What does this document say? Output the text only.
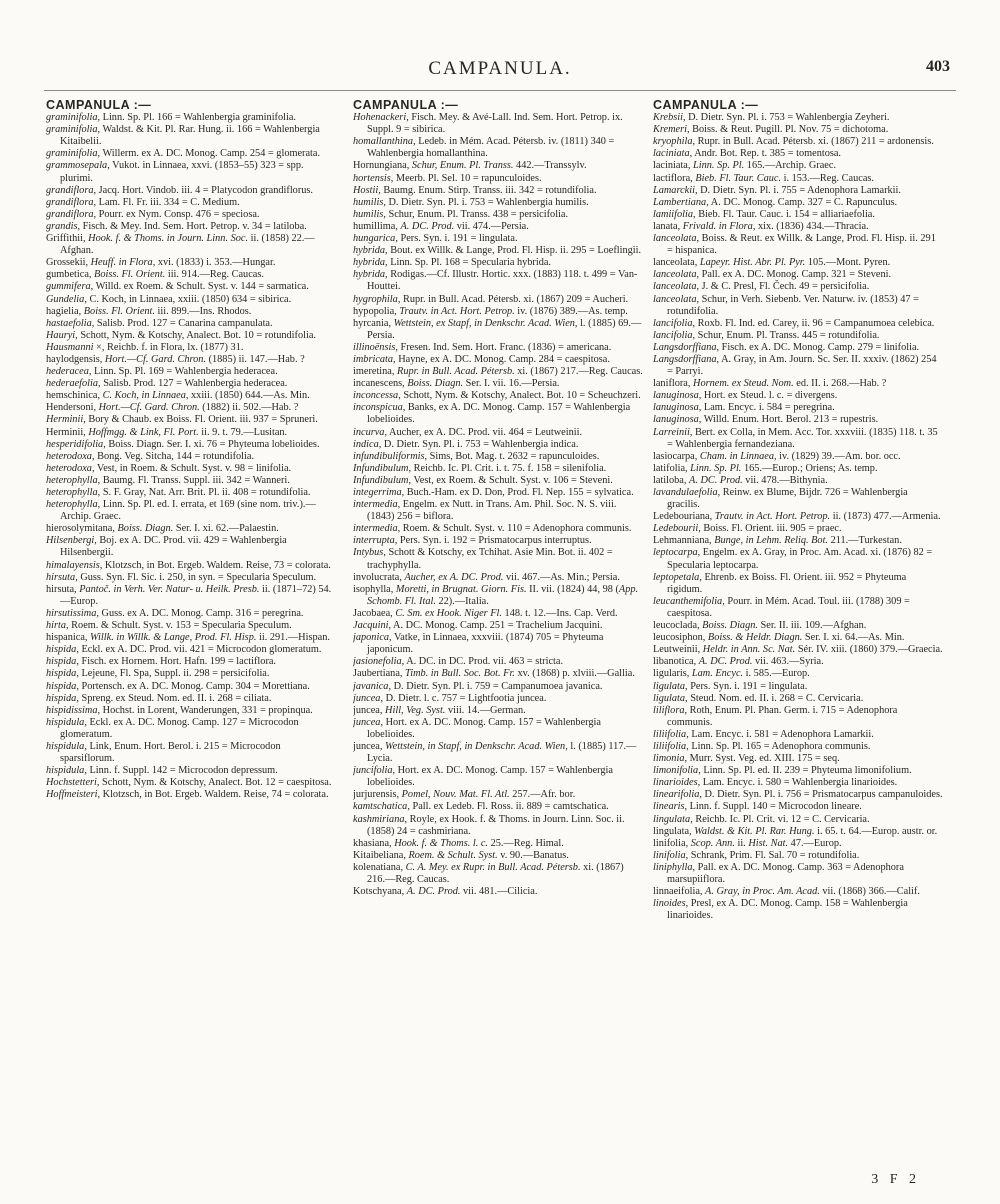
CAMPANULA.	403
CAMPANULA :—

graminifolia, Linn. Sp. Pl. 166 = Wahlenbergia graminifolia.

graminifolia, Waldst. & Kit. Pl. Rar. Hung. ii. 166 = Wahlenbergia Kitaibelii.

graminifolia, Willerm. ex A. DC. Monog. Camp. 254 = glomerata.

grammosepala, Vukot. in Linnaea, xxvi. (1853–55) 323 = spp. plurimi.

grandiflora, Jacq. Hort. Vindob. iii. 4 = Platycodon grandiflorus.

grandiflora, Lam. Fl. Fr. iii. 334 = C. Medium.

grandiflora, Pourr. ex Nym. Consp. 476 = speciosa.

grandis, Fisch. & Mey. Ind. Sem. Hort. Petrop. v. 34 = latiloba.

Griffithii, Hook. f. & Thoms. in Journ. Linn. Soc. ii. (1858) 22.—Afghan.

Grossekii, Heuff. in Flora, xvi. (1833) i. 353.—Hungar.

gumbetica, Boiss. Fl. Orient. iii. 914.—Reg. Caucas.

gummifera, Willd. ex Roem. & Schult. Syst. v. 144 = sarmatica.

Gundelia, C. Koch, in Linnaea, xxiii. (1850) 634 = sibirica.

hagielia, Boiss. Fl. Orient. iii. 899.—Ins. Rhodos.

hastaefolia, Salisb. Prod. 127 = Canarina campanulata.

Hauryi, Schott, Nym. & Kotschy, Analect. Bot. 10 = rotundifolia.

Hausmanni ×, Reichb. f. in Flora, lx. (1877) 31.

haylodgensis, Hort.—Cf. Gard. Chron. (1885) ii. 147.—Hab. ?

hederacea, Linn. Sp. Pl. 169 = Wahlenbergia hederacea.

hederaefolia, Salisb. Prod. 127 = Wahlenbergia hederacea.

hemschinica, C. Koch, in Linnaea, xxiii. (1850) 644.—As. Min.

Hendersoni, Hort.—Cf. Gard. Chron. (1882) ii. 502.—Hab. ?

Herminii, Bory & Chaub. ex Boiss. Fl. Orient. iii. 937 = Spruneri.

Herminii, Hoffmgg. & Link, Fl. Port. ii. 9. t. 79.—Lusitan.

hesperidifolia, Boiss. Diagn. Ser. I. xi. 76 = Phyteuma lobelioides.

heterodoxa, Bong. Veg. Sitcha, 144 = rotundifolia.

heterodoxa, Vest, in Roem. & Schult. Syst. v. 98 = linifolia.

heterophylla, Baumg. Fl. Transs. Suppl. iii. 342 = Wanneri.

heterophylla, S. F. Gray, Nat. Arr. Brit. Pl. ii. 408 = rotundifolia.

heterophylla, Linn. Sp. Pl. ed. I. errata, et 169 (sine nom. triv.).—Archip. Graec.

hierosolymitana, Boiss. Diagn. Ser. I. xi. 62.—Palaestin.

Hilsenbergi, Boj. ex A. DC. Prod. vii. 429 = Wahlenbergia Hilsenbergii.

himalayensis, Klotzsch, in Bot. Ergeb. Waldem. Reise, 73 = colorata.

hirsuta, Guss. Syn. Fl. Sic. i. 250, in syn. = Specularia Speculum.

hirsuta, Pantoč. in Verh. Ver. Natur- u. Heilk. Presb. ii. (1871–72) 54.—Europ.

hirsutissima, Guss. ex A. DC. Monog. Camp. 316 = peregrina.

hirta, Roem. & Schult. Syst. v. 153 = Specularia Speculum.

hispanica, Willk. in Willk. & Lange, Prod. Fl. Hisp. ii. 291.—Hispan.

hispida, Eckl. ex A. DC. Prod. vii. 421 = Microcodon glomeratum.

hispida, Fisch. ex Hornem. Hort. Hafn. 199 = lactiflora.

hispida, Lejeune, Fl. Spa, Suppl. ii. 298 = persicifolia.

hispida, Portensch. ex A. DC. Monog. Camp. 304 = Morettiana.

hispida, Spreng. ex Steud. Nom. ed. II. i. 268 = ciliata.

hispidissima, Hochst. in Lorent, Wanderungen, 331 = propinqua.

hispidula, Eckl. ex A. DC. Monog. Camp. 127 = Microcodon glomeratum.

hispidula, Link, Enum. Hort. Berol. i. 215 = Microcodon sparsiflorum.

hispidula, Linn. f. Suppl. 142 = Microcodon depressum.

Hochstetteri, Schott, Nym. & Kotschy, Analect. Bot. 12 = caespitosa.

Hoffmeisteri, Klotzsch, in Bot. Ergeb. Waldem. Reise, 74 = colorata.

CAMPANULA :—

Hohenackeri, Fisch. Mey. & Avé-Lall. Ind. Sem. Hort. Petrop. ix. Suppl. 9 = sibirica.

homallanthina, Ledeb. in Mém. Acad. Pétersb. iv. (1811) 340 = Wahlenbergia homallanthina.

Hornungiana, Schur, Enum. Pl. Transs. 442.—Transsylv.

hortensis, Meerb. Pl. Sel. 10 = rapunculoides.

Hostii, Baumg. Enum. Stirp. Transs. iii. 342 = rotundifolia.

humilis, D. Dietr. Syn. Pl. i. 753 = Wahlenbergia humilis.

humilis, Schur, Enum. Pl. Transs. 438 = persicifolia.

humillima, A. DC. Prod. vii. 474.—Persia.

hungarica, Pers. Syn. i. 191 = lingulata.

hybrida, Bout. ex Willk. & Lange, Prod. Fl. Hisp. ii. 295 = Loeflingii.

hybrida, Linn. Sp. Pl. 168 = Specularia hybrida.

hybrida, Rodigas.—Cf. Illustr. Hortic. xxx. (1883) 118. t. 499 = Van-Houttei.

hygrophila, Rupr. in Bull. Acad. Pétersb. xi. (1867) 209 = Aucheri.

hypopolia, Trautv. in Act. Hort. Petrop. iv. (1876) 389.—As. temp.

hyrcania, Wettstein, ex Stapf, in Denkschr. Acad. Wien, l. (1885) 69.—Persia.

illinoënsis, Fresen. Ind. Sem. Hort. Franc. (1836) = americana.

imbricata, Hayne, ex A. DC. Monog. Camp. 284 = caespitosa.

imeretina, Rupr. in Bull. Acad. Pétersb. xi. (1867) 217.—Reg. Caucas.

incanescens, Boiss. Diagn. Ser. I. vii. 16.—Persia.

inconcessa, Schott, Nym. & Kotschy, Analect. Bot. 10 = Scheuchzeri.

inconspicua, Banks, ex A. DC. Monog. Camp. 157 = Wahlenbergia lobelioides.

incurva, Aucher, ex A. DC. Prod. vii. 464 = Leutweinii.

indica, D. Dietr. Syn. Pl. i. 753 = Wahlenbergia indica.

infundibuliformis, Sims, Bot. Mag. t. 2632 = rapunculoides.

Infundibulum, Reichb. Ic. Pl. Crit. i. t. 75. f. 158 = silenifolia.

Infundibulum, Vest, ex Roem. & Schult. Syst. v. 106 = Steveni.

integerrima, Buch.-Ham. ex D. Don, Prod. Fl. Nep. 155 = sylvatica.

intermedia, Engelm. ex Nutt. in Trans. Am. Phil. Soc. N. S. viii. (1843) 256 = biflora.

intermedia, Roem. & Schult. Syst. v. 110 = Adenophora communis.

interrupta, Pers. Syn. i. 192 = Prismatocarpus interruptus.

Intybus, Schott & Kotschy, ex Tchihat. Asie Min. Bot. ii. 402 = trachyphylla.

involucrata, Aucher, ex A. DC. Prod. vii. 467.—As. Min.; Persia.

isophylla, Moretti, in Brugnat. Giorn. Fis. II. vii. (1824) 44, 98 (App. Schomb. Fl. Ital. 22).—Italia.

Jacobaea, C. Sm. ex Hook. Niger Fl. 148. t. 12.—Ins. Cap. Verd.

Jacquini, A. DC. Monog. Camp. 251 = Trachelium Jacquini.

japonica, Vatke, in Linnaea, xxxviii. (1874) 705 = Phyteuma japonicum.

jasionefolia, A. DC. in DC. Prod. vii. 463 = stricta.

Jaubertiana, Timb. in Bull. Soc. Bot. Fr. xv. (1868) p. xlviii.—Gallia.

javanica, D. Dietr. Syn. Pl. i. 759 = Campanumoea javanica.

juncea, D. Dietr. l. c. 757 = Lightfootia juncea.

juncea, Hill, Veg. Syst. viii. 14.—German.

juncea, Hort. ex A. DC. Monog. Camp. 157 = Wahlenbergia lobelioides.

juncea, Wettstein, in Stapf, in Denkschr. Acad. Wien, l. (1885) 117.—Lycia.

juncifolia, Hort. ex A. DC. Monog. Camp. 157 = Wahlenbergia lobelioides.

jurjurensis, Pomel, Nouv. Mat. Fl. Atl. 257.—Afr. bor.

kamtschatica, Pall. ex Ledeb. Fl. Ross. ii. 889 = camtschatica.

kashmiriana, Royle, ex Hook. f. & Thoms. in Journ. Linn. Soc. ii. (1858) 24 = cashmiriana.

khasiana, Hook. f. & Thoms. l. c. 25.—Reg. Himal.

Kitaibeliana, Roem. & Schult. Syst. v. 90.—Banatus.

kolenatiana, C. A. Mey. ex Rupr. in Bull. Acad. Pétersb. xi. (1867) 216.—Reg. Caucas.

Kotschyana, A. DC. Prod. vii. 481.—Cilicia.

CAMPANULA :—

Krebsii, D. Dietr. Syn. Pl. i. 753 = Wahlenbergia Zeyheri.

Kremeri, Boiss. & Reut. Pugill. Pl. Nov. 75 = dichotoma.

kryophila, Rupr. in Bull. Acad. Pétersb. xi. (1867) 211 = ardonensis.

laciniata, Andr. Bot. Rep. t. 385 = tomentosa.

laciniata, Linn. Sp. Pl. 165.—Archip. Graec.

lactiflora, Bieb. Fl. Taur. Cauc. i. 153.—Reg. Caucas.

Lamarckii, D. Dietr. Syn. Pl. i. 755 = Adenophora Lamarkii.

Lambertiana, A. DC. Monog. Camp. 327 = C. Rapunculus.

lamiifolia, Bieb. Fl. Taur. Cauc. i. 154 = alliariaefolia.

lanata, Frivald. in Flora, xix. (1836) 434.—Thracia.

lanceolata, Boiss. & Reut. ex Willk. & Lange, Prod. Fl. Hisp. ii. 291 = hispanica.

lanceolata, Lapeyr. Hist. Abr. Pl. Pyr. 105.—Mont. Pyren.

lanceolata, Pall. ex A. DC. Monog. Camp. 321 = Steveni.

lanceolata, J. & C. Presl, Fl. Čech. 49 = persicifolia.

lanceolata, Schur, in Verh. Siebenb. Ver. Naturw. iv. (1853) 47 = rotundifolia.

lancifolia, Roxb. Fl. Ind. ed. Carey, ii. 96 = Campanumoea celebica.

lancifolia, Schur, Enum. Pl. Transs. 445 = rotundifolia.

Langsdorffiana, Fisch. ex A. DC. Monog. Camp. 279 = linifolia.

Langsdorffiana, A. Gray, in Am. Journ. Sc. Ser. II. xxxiv. (1862) 254 = Parryi.

laniflora, Hornem. ex Steud. Nom. ed. II. i. 268.—Hab. ?

lanuginosa, Hort. ex Steud. l. c. = divergens.

lanuginosa, Lam. Encyc. i. 584 = peregrina.

lanuginosa, Willd. Enum. Hort. Berol. 213 = rupestris.

Larreinii, Bert. ex Colla, in Mem. Acc. Tor. xxxviii. (1835) 118. t. 35 = Wahlenbergia fernandeziana.

lasiocarpa, Cham. in Linnaea, iv. (1829) 39.—Am. bor. occ.

latifolia, Linn. Sp. Pl. 165.—Europ.; Oriens; As. temp.

latiloba, A. DC. Prod. vii. 478.—Bithynia.

lavandulaefolia, Reinw. ex Blume, Bijdr. 726 = Wahlenbergia gracilis.

Ledebouriana, Trautv. in Act. Hort. Petrop. ii. (1873) 477.—Armenia.

Ledebourii, Boiss. Fl. Orient. iii. 905 = praec.

Lehmanniana, Bunge, in Lehm. Reliq. Bot. 211.—Turkestan.

leptocarpa, Engelm. ex A. Gray, in Proc. Am. Acad. xi. (1876) 82 = Specularia leptocarpa.

leptopetala, Ehrenb. ex Boiss. Fl. Orient. iii. 952 = Phyteuma rigidum.

leucanthemifolia, Pourr. in Mém. Acad. Toul. iii. (1788) 309 = caespitosa.

leucoclada, Boiss. Diagn. Ser. II. iii. 109.—Afghan.

leucosiphon, Boiss. & Heldr. Diagn. Ser. I. xi. 64.—As. Min.

Leutweinii, Heldr. in Ann. Sc. Nat. Sér. IV. xiii. (1860) 379.—Graecia.

libanotica, A. DC. Prod. vii. 463.—Syria.

ligularis, Lam. Encyc. i. 585.—Europ.

ligulata, Pers. Syn. i. 191 = lingulata.

ligulata, Steud. Nom. ed. II. i. 268 = C. Cervicaria.

liliflora, Roth, Enum. Pl. Phan. Germ. i. 715 = Adenophora communis.

liliifolia, Lam. Encyc. i. 581 = Adenophora Lamarkii.

liliifolia, Linn. Sp. Pl. 165 = Adenophora communis.

limonia, Murr. Syst. Veg. ed. XIII. 175 = seq.

limonifolia, Linn. Sp. Pl. ed. II. 239 = Phyteuma limonifolium.

linarioides, Lam. Encyc. i. 580 = Wahlenbergia linarioides.

linearifolia, D. Dietr. Syn. Pl. i. 756 = Prismatocarpus campanuloides.

linearis, Linn. f. Suppl. 140 = Microcodon lineare.

lingulata, Reichb. Ic. Pl. Crit. vi. 12 = C. Cervicaria.

lingulata, Waldst. & Kit. Pl. Rar. Hung. i. 65. t. 64.—Europ. austr. or.

linifolia, Scop. Ann. ii. Hist. Nat. 47.—Europ.

linifolia, Schrank, Prim. Fl. Sal. 70 = rotundifolia.

liniphylla, Pall. ex A. DC. Monog. Camp. 363 = Adenophora marsupiiflora.

linnaeifolia, A. Gray, in Proc. Am. Acad. vii. (1868) 366.—Calif.

linoides, Presl, ex A. DC. Monog. Camp. 158 = Wahlenbergia linarioides.

3 F 2
